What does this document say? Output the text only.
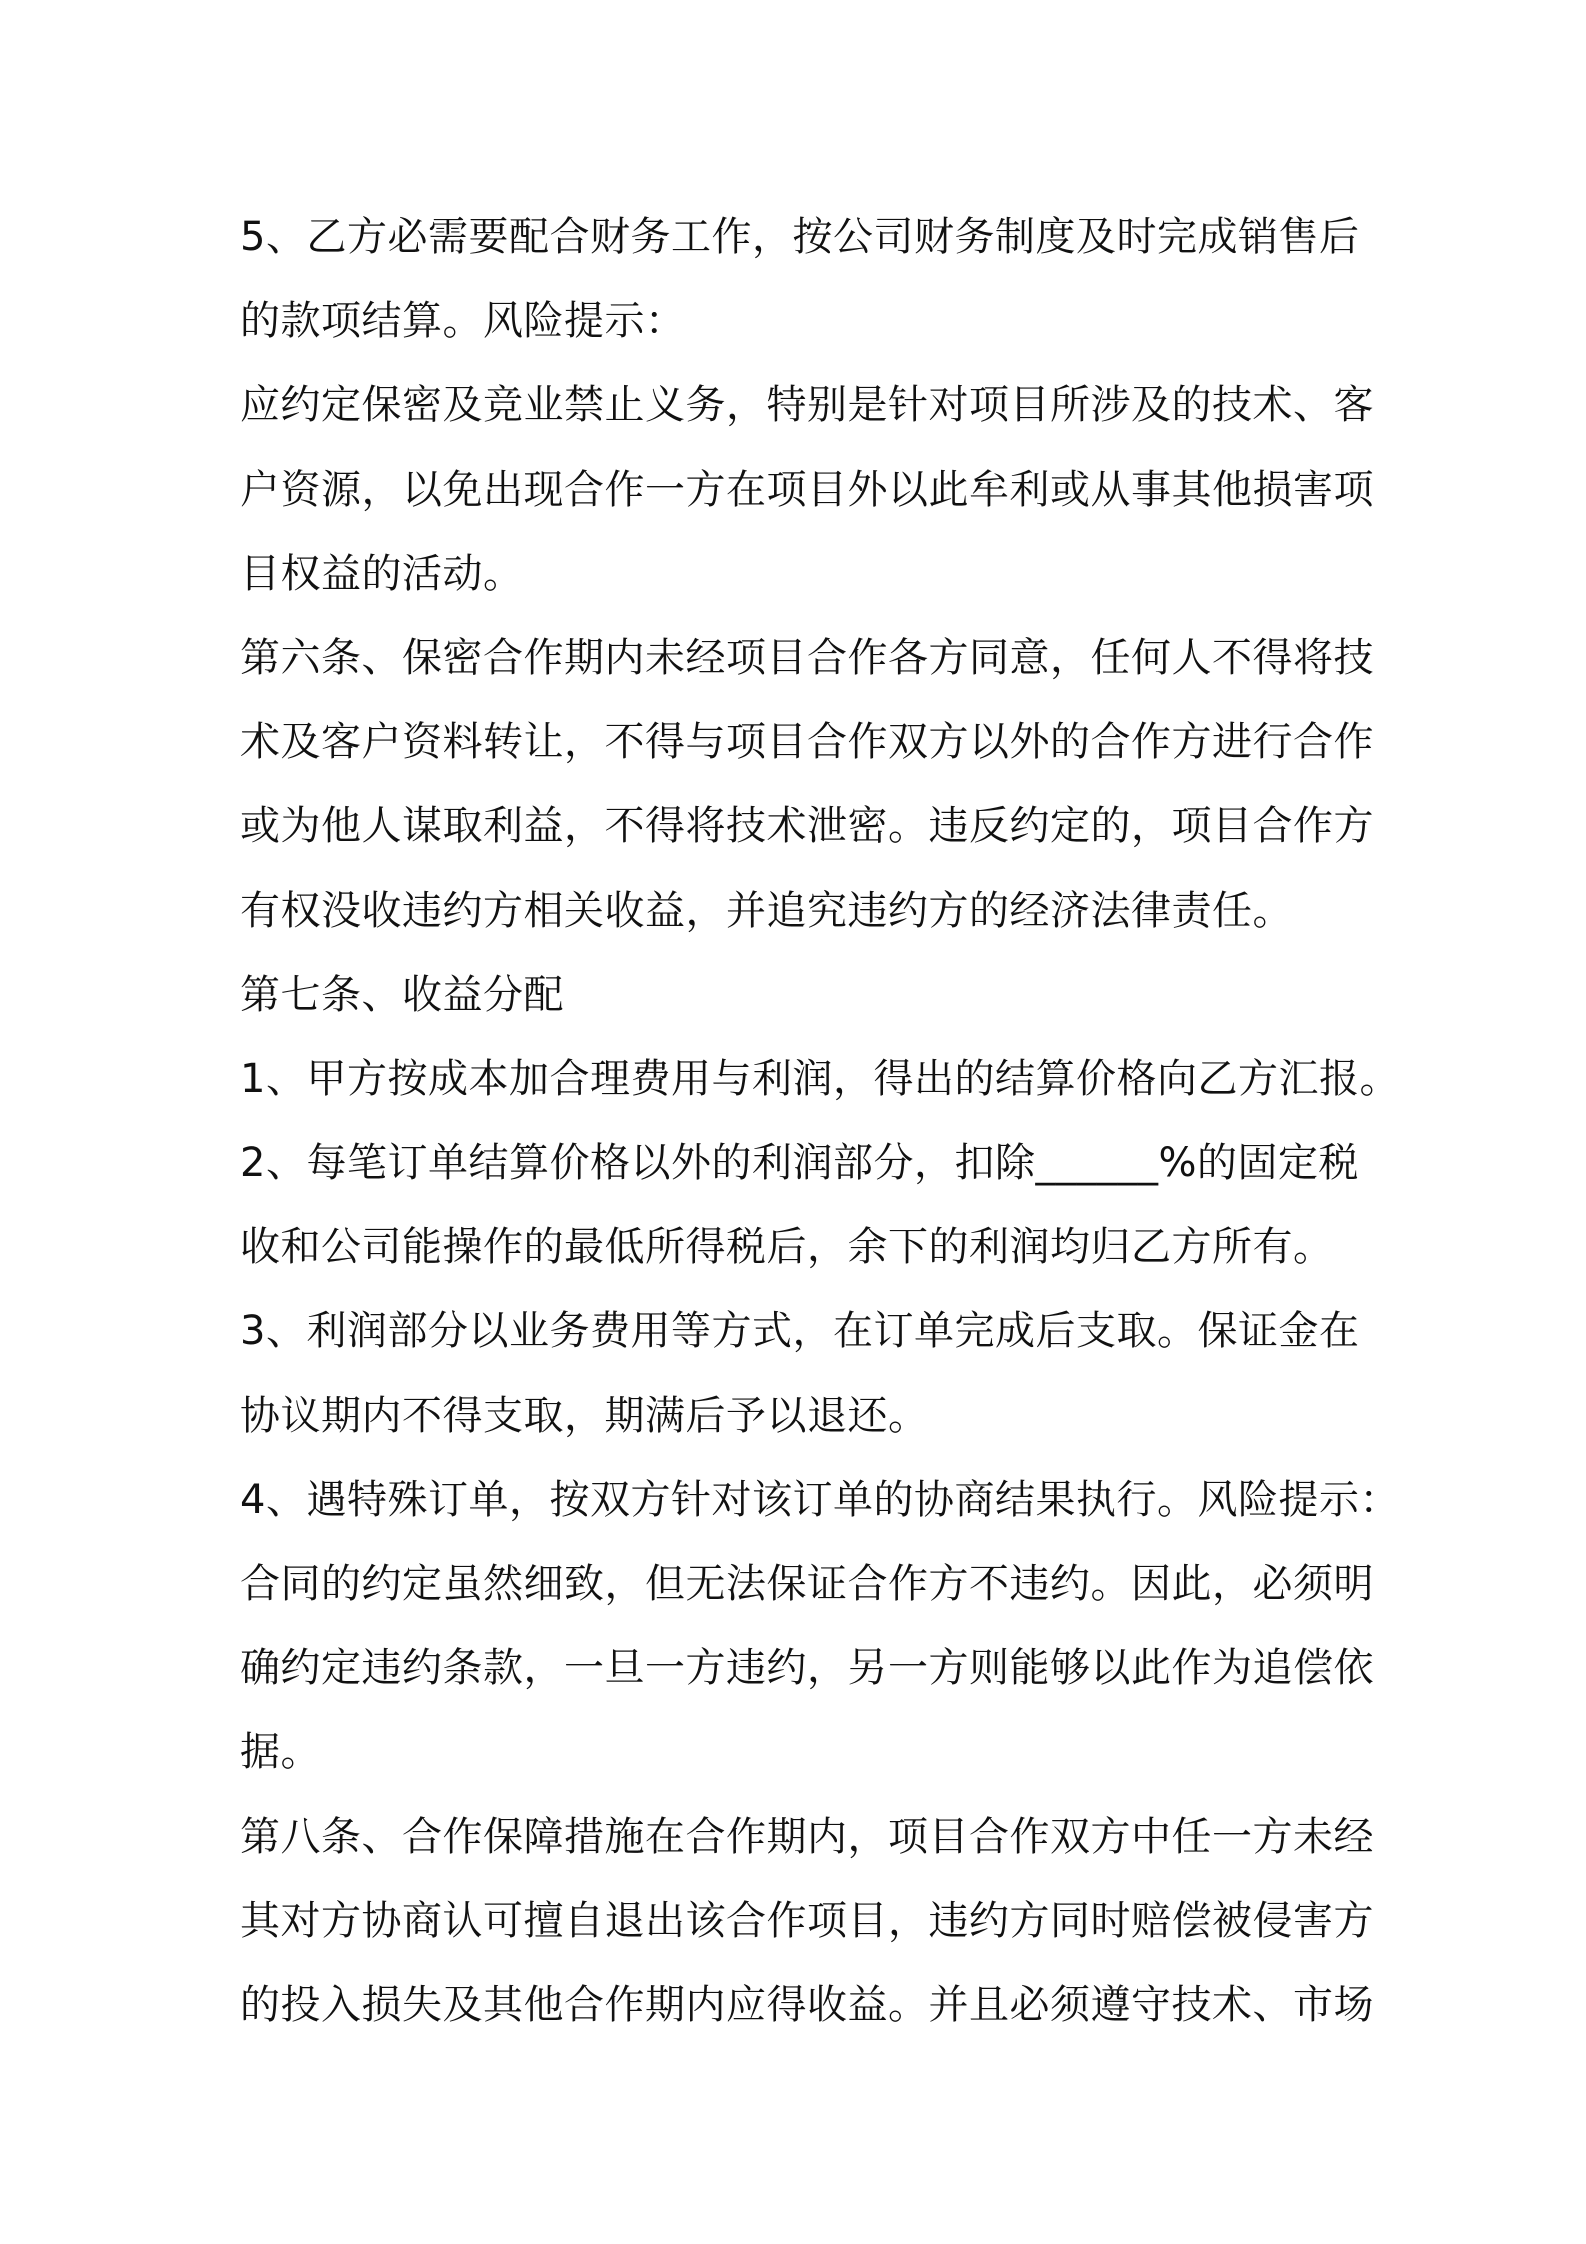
5、乙方必需要配合财务工作，按公司财务制度及时完成销售后
的款项结算。风险提示：
应约定保密及竞业禁止义务，特别是针对项目所涉及的技术、客
户资源，以免出现合作一方在项目外以此牟利或从事其他损害项
目权益的活动。
第六条、保密合作期内未经项目合作各方同意，任何人不得将技
术及客户资料转让，不得与项目合作双方以外的合作方进行合作
或为他人谋取利益，不得将技术泄密。违反约定的，项目合作方
有权没收违约方相关收益，并追究违约方的经济法律责任。
第七条、收益分配
1、甲方按成本加合理费用与利润，得出的结算价格向乙方汇报。
2、每笔订单结算价格以外的利润部分，扣除______%的固定税
收和公司能操作的最低所得税后，余下的利润均归乙方所有。
3、利润部分以业务费用等方式，在订单完成后支取。保证金在
协议期内不得支取，期满后予以退还。
4、遇特殊订单，按双方针对该订单的协商结果执行。风险提示：
合同的约定虽然细致，但无法保证合作方不违约。因此，必须明
确约定违约条款，一旦一方违约，另一方则能够以此作为追偿依
据。
第八条、合作保障措施在合作期内，项目合作双方中任一方未经
其对方协商认可擅自退出该合作项目，违约方同时赔偿被侵害方
的投入损失及其他合作期内应得收益。并且必须遵守技术、市场
